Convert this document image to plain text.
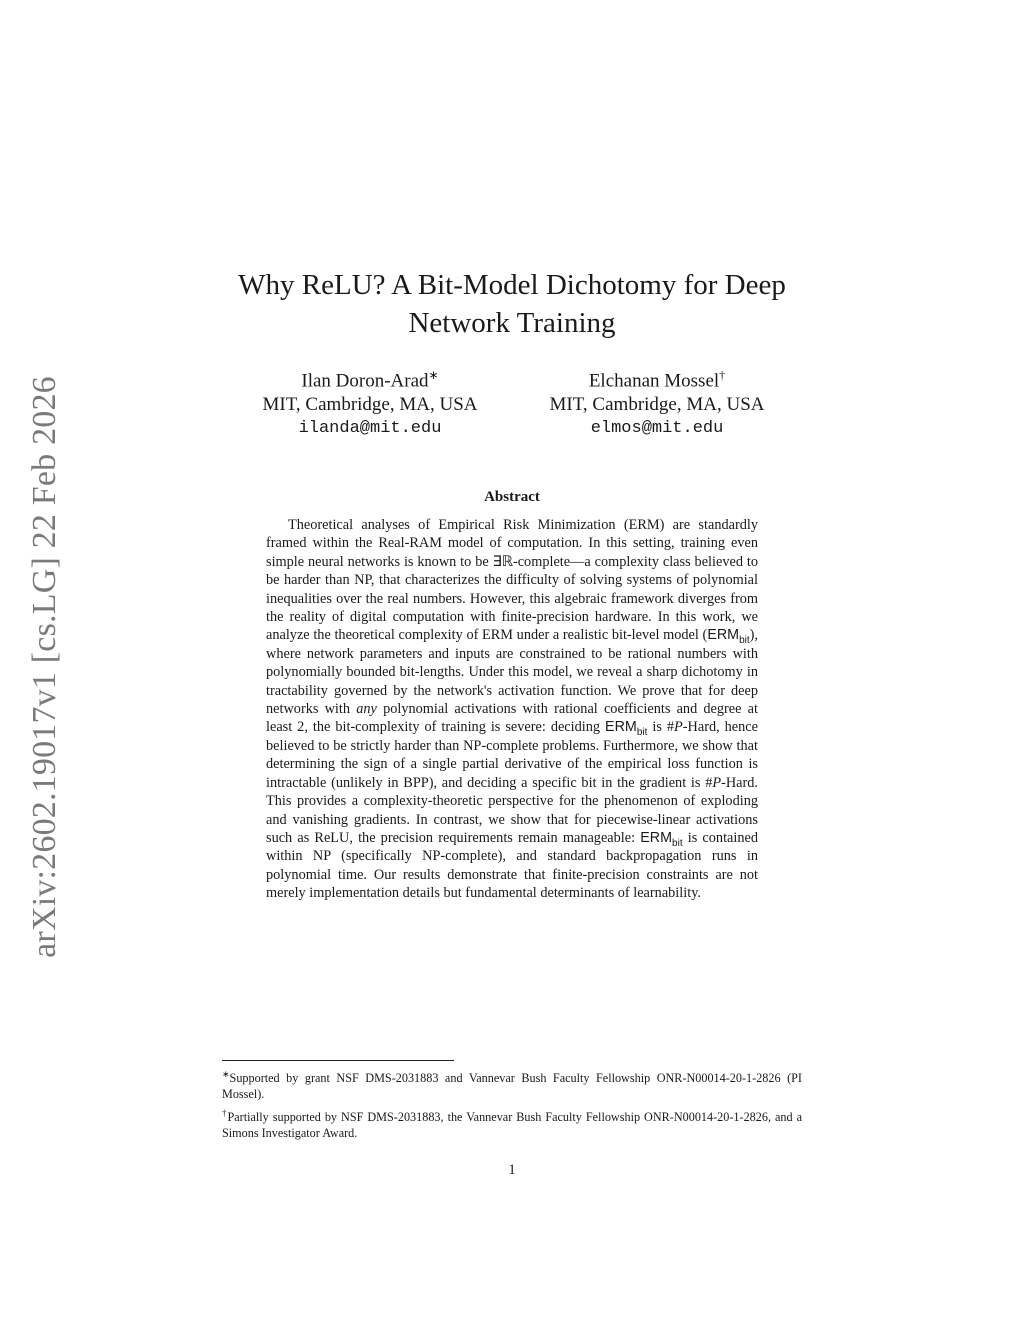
arXiv:2602.19017v1 [cs.LG] 22 Feb 2026
Why ReLU? A Bit-Model Dichotomy for Deep
Network Training
Ilan Doron-Arad∗
MIT, Cambridge, MA, USA
ilanda@mit.edu
Elchanan Mossel†
MIT, Cambridge, MA, USA
elmos@mit.edu
Abstract

Theoretical analyses of Empirical Risk Minimization (ERM) are standardly framed within the Real-RAM model of computation. In this setting, training even simple neural networks is known to be ∃ℝ-complete—a complexity class believed to be harder than NP, that characterizes the difficulty of solving systems of polynomial inequalities over the real numbers. However, this algebraic framework diverges from the reality of digital computation with finite-precision hardware. In this work, we analyze the theoretical complexity of ERM under a realistic bit-level model $(ERM_{bit})$, where network parameters and inputs are constrained to be rational numbers with polynomially bounded bit-lengths. Under this model, we reveal a sharp dichotomy in tractability governed by the network's activation function. We prove that for deep networks with any polynomial activations with rational coefficients and degree at least 2, the bit-complexity of training is severe: deciding $ERM_{bit}$ is #P-Hard, hence believed to be strictly harder than NP-complete problems. Furthermore, we show that determining the sign of a single partial derivative of the empirical loss function is intractable (unlikely in BPP), and deciding a specific bit in the gradient is #P-Hard. This provides a complexity-theoretic perspective for the phenomenon of exploding and vanishing gradients. In contrast, we show that for piecewise-linear activations such as ReLU, the precision requirements remain manageable: $ERM_{bit}$ is contained within NP (specifically NP-complete), and standard backpropagation runs in polynomial time. Our results demonstrate that finite-precision constraints are not merely implementation details but fundamental determinants of learnability.

∗Supported by grant NSF DMS-2031883 and Vannevar Bush Faculty Fellowship ONR-N00014-20-1-2826 (PI Mossel).

†Partially supported by NSF DMS-2031883, the Vannevar Bush Faculty Fellowship ONR-N00014-20-1-2826, and a Simons Investigator Award.

1
